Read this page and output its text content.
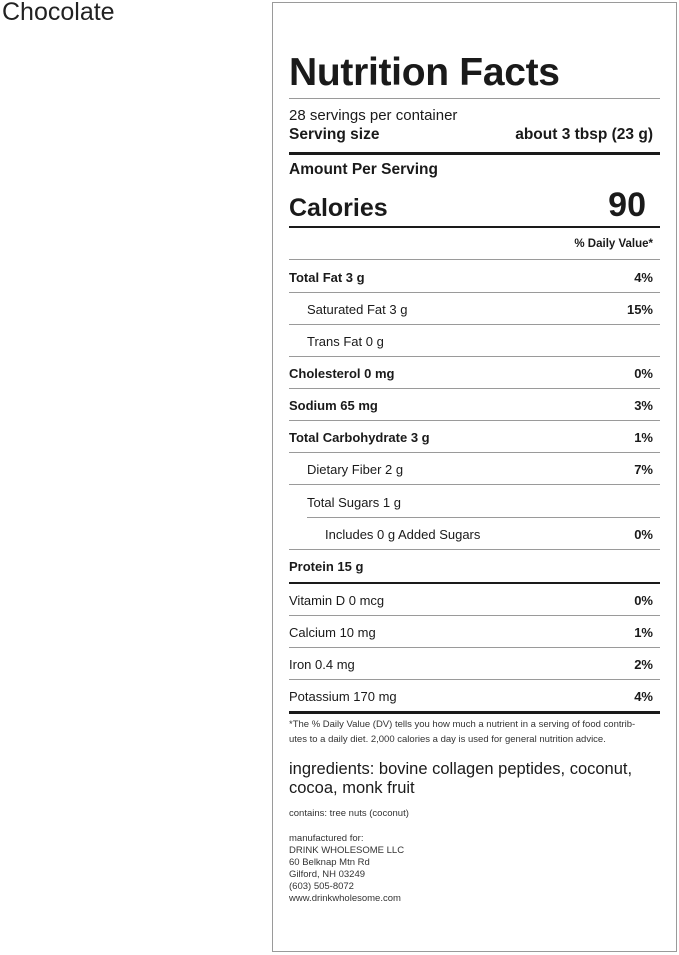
Chocolate
Nutrition Facts
28 servings per container
Serving size	about 3 tbsp (23 g)
Amount Per Serving
Calories	90
% Daily Value*
Total Fat 3 g	4%
Saturated Fat 3 g	15%
Trans Fat 0 g
Cholesterol 0 mg	0%
Sodium 65 mg	3%
Total Carbohydrate 3 g	1%
Dietary Fiber 2 g	7%
Total Sugars 1 g
Includes 0 g Added Sugars	0%
Protein 15 g
Vitamin D 0 mcg	0%
Calcium 10 mg	1%
Iron 0.4 mg	2%
Potassium 170 mg	4%
*The % Daily Value (DV) tells you how much a nutrient in a serving of food contrib-
utes to a daily diet. 2,000 calories a day is used for general nutrition advice.
ingredients: bovine collagen peptides, coconut,
cocoa, monk fruit
contains: tree nuts (coconut)
manufactured for:
DRINK WHOLESOME LLC
60 Belknap Mtn Rd
Gilford, NH 03249
(603) 505-8072
www.drinkwholesome.com
